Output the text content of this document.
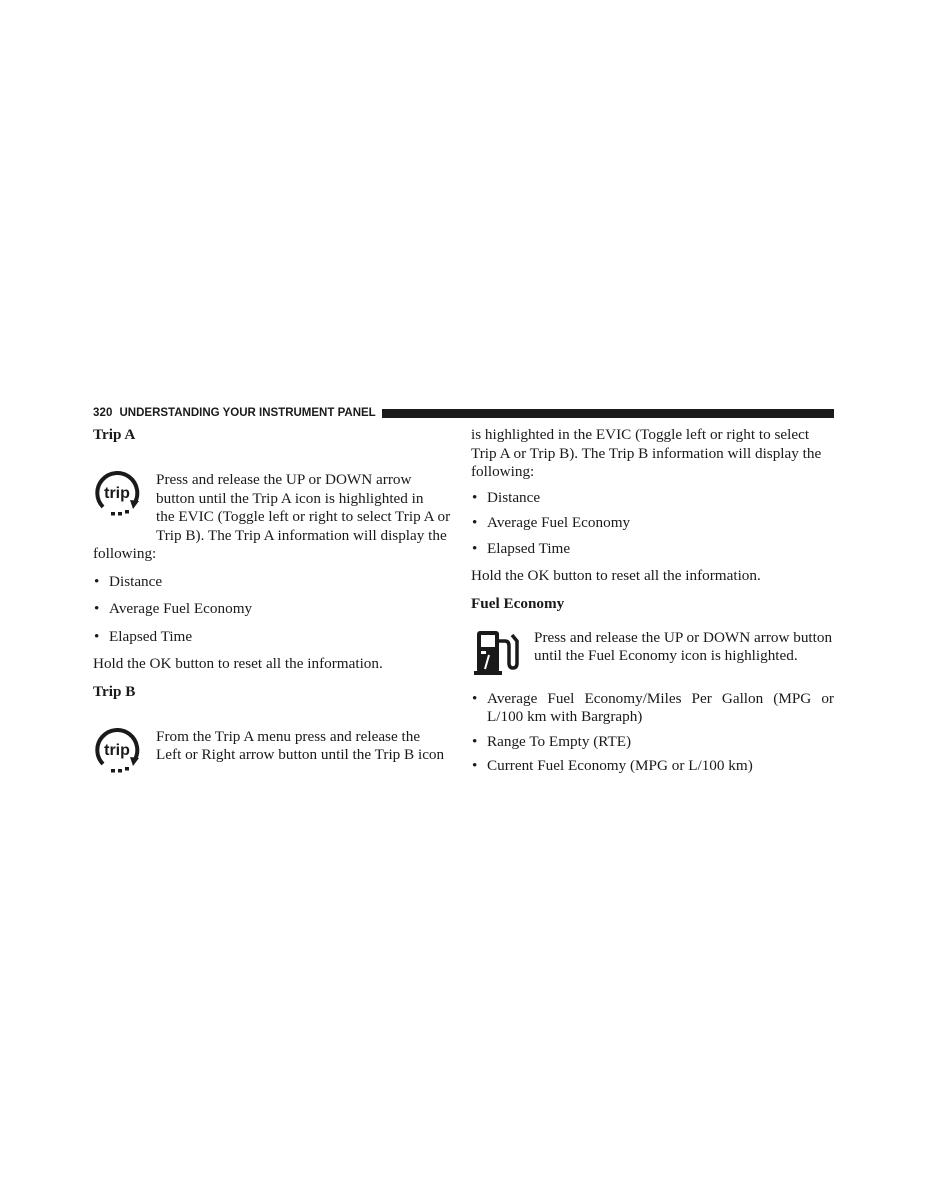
320 UNDERSTANDING YOUR INSTRUMENT PANEL
Trip A
trip

Press and release the UP or DOWN arrow

button until the Trip A icon is highlighted in

the EVIC (Toggle left or right to select Trip A or

Trip B). The Trip A information will display the

following:

• Distance
• Average Fuel Economy
• Elapsed Time

Hold the OK button to reset all the information.

Trip B
trip

From the Trip A menu press and release the

Left or Right arrow button until the Trip B icon

is highlighted in the EVIC (Toggle left or right to select

Trip A or Trip B). The Trip B information will display the

following:

• Distance
• Average Fuel Economy
• Elapsed Time

Hold the OK button to reset all the information.

Fuel Economy

Press and release the UP or DOWN arrow button

until the Fuel Economy icon is highlighted.

• Average Fuel Economy/Miles Per Gallon (MPG or L/100 km with Bargraph)
• Range To Empty (RTE)
• Current Fuel Economy (MPG or L/100 km)
